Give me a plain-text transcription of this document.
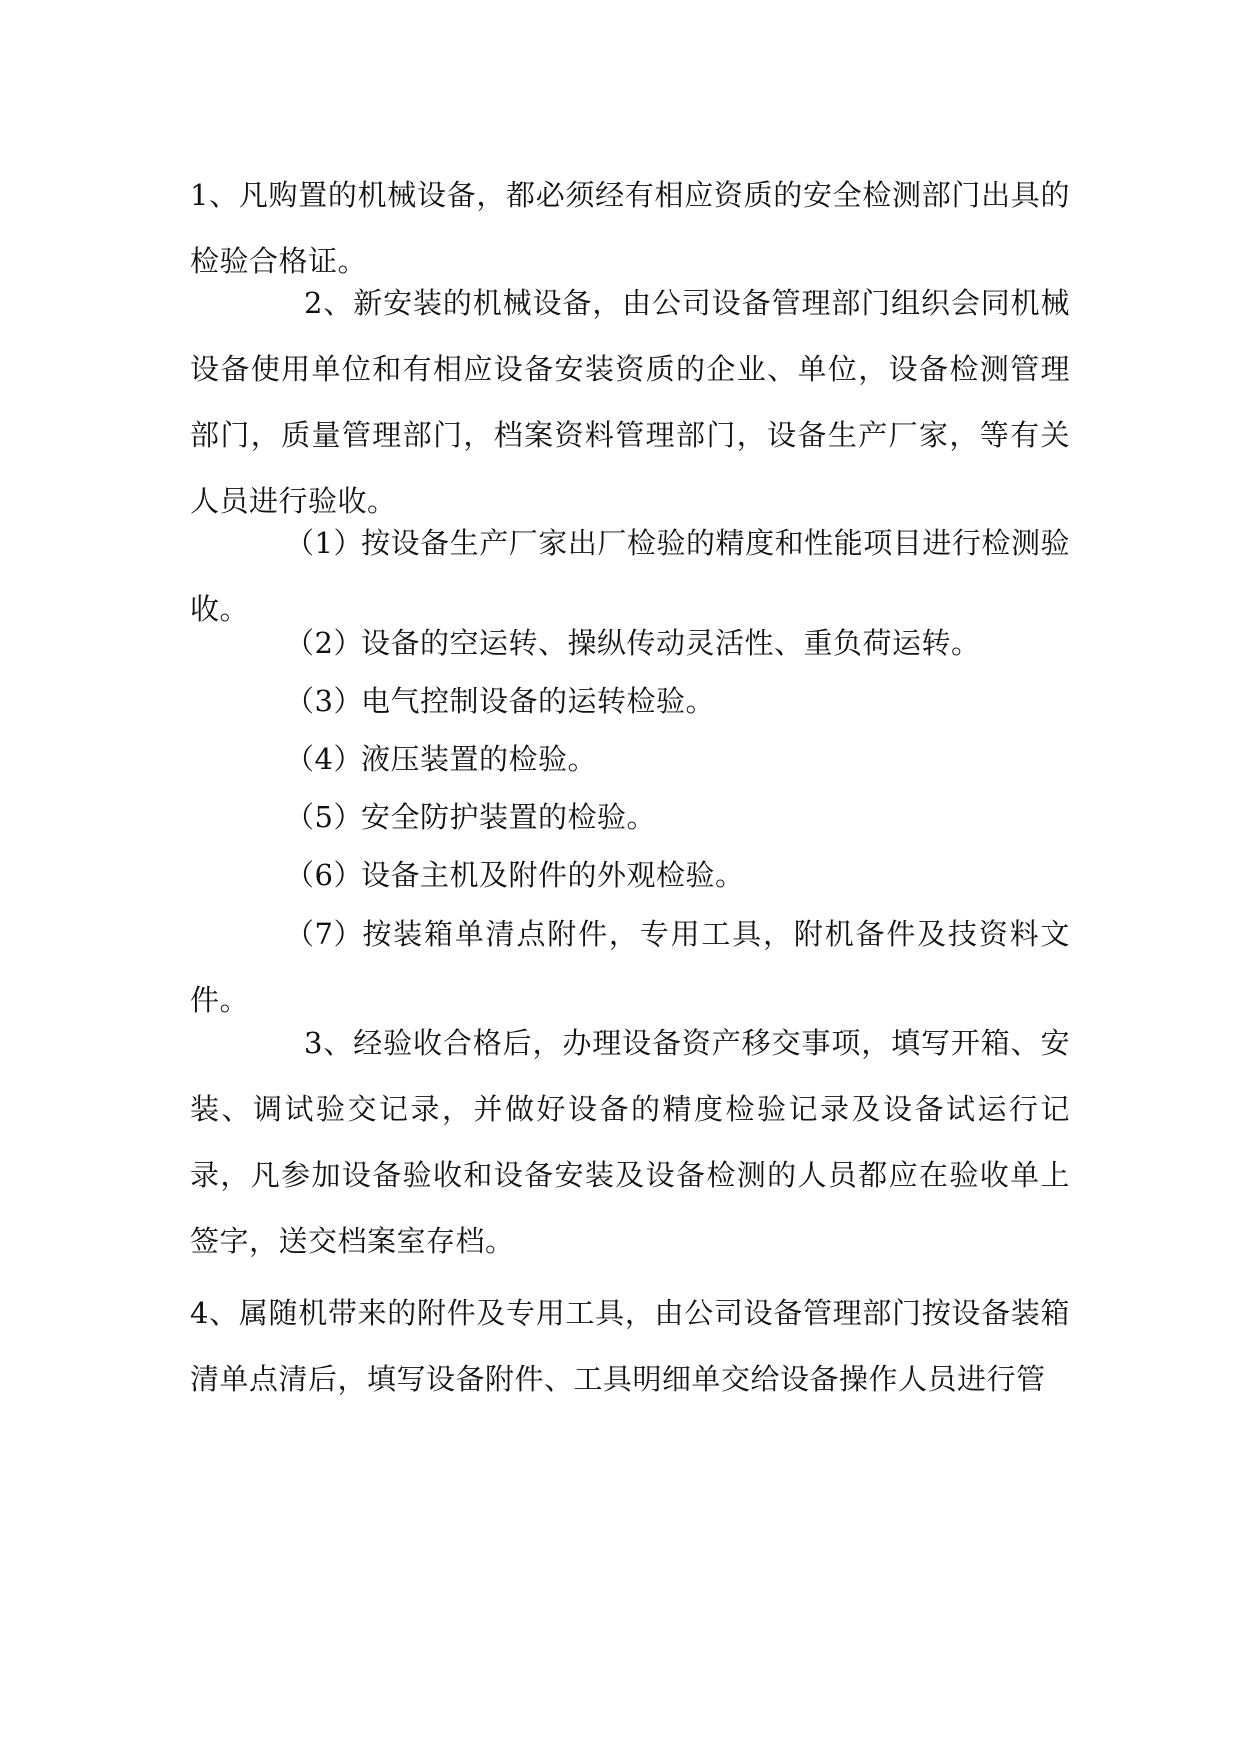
1、凡购置的机械设备，都必须经有相应资质的安全检测部门出具的检验合格证。

2、新安装的机械设备，由公司设备管理部门组织会同机械设备使用单位和有相应设备安装资质的企业、单位，设备检测管理部门，质量管理部门，档案资料管理部门，设备生产厂家，等有关人员进行验收。

（1）按设备生产厂家出厂检验的精度和性能项目进行检测验收。

（2）设备的空运转、操纵传动灵活性、重负荷运转。

（3）电气控制设备的运转检验。

（4）液压装置的检验。

（5）安全防护装置的检验。

（6）设备主机及附件的外观检验。

（7）按装箱单清点附件，专用工具，附机备件及技资料文件。

3、经验收合格后，办理设备资产移交事项，填写开箱、安装、调试验交记录，并做好设备的精度检验记录及设备试运行记录，凡参加设备验收和设备安装及设备检测的人员都应在验收单上签字，送交档案室存档。

4、属随机带来的附件及专用工具，由公司设备管理部门按设备装箱清单点清后，填写设备附件、工具明细单交给设备操作人员进行管
